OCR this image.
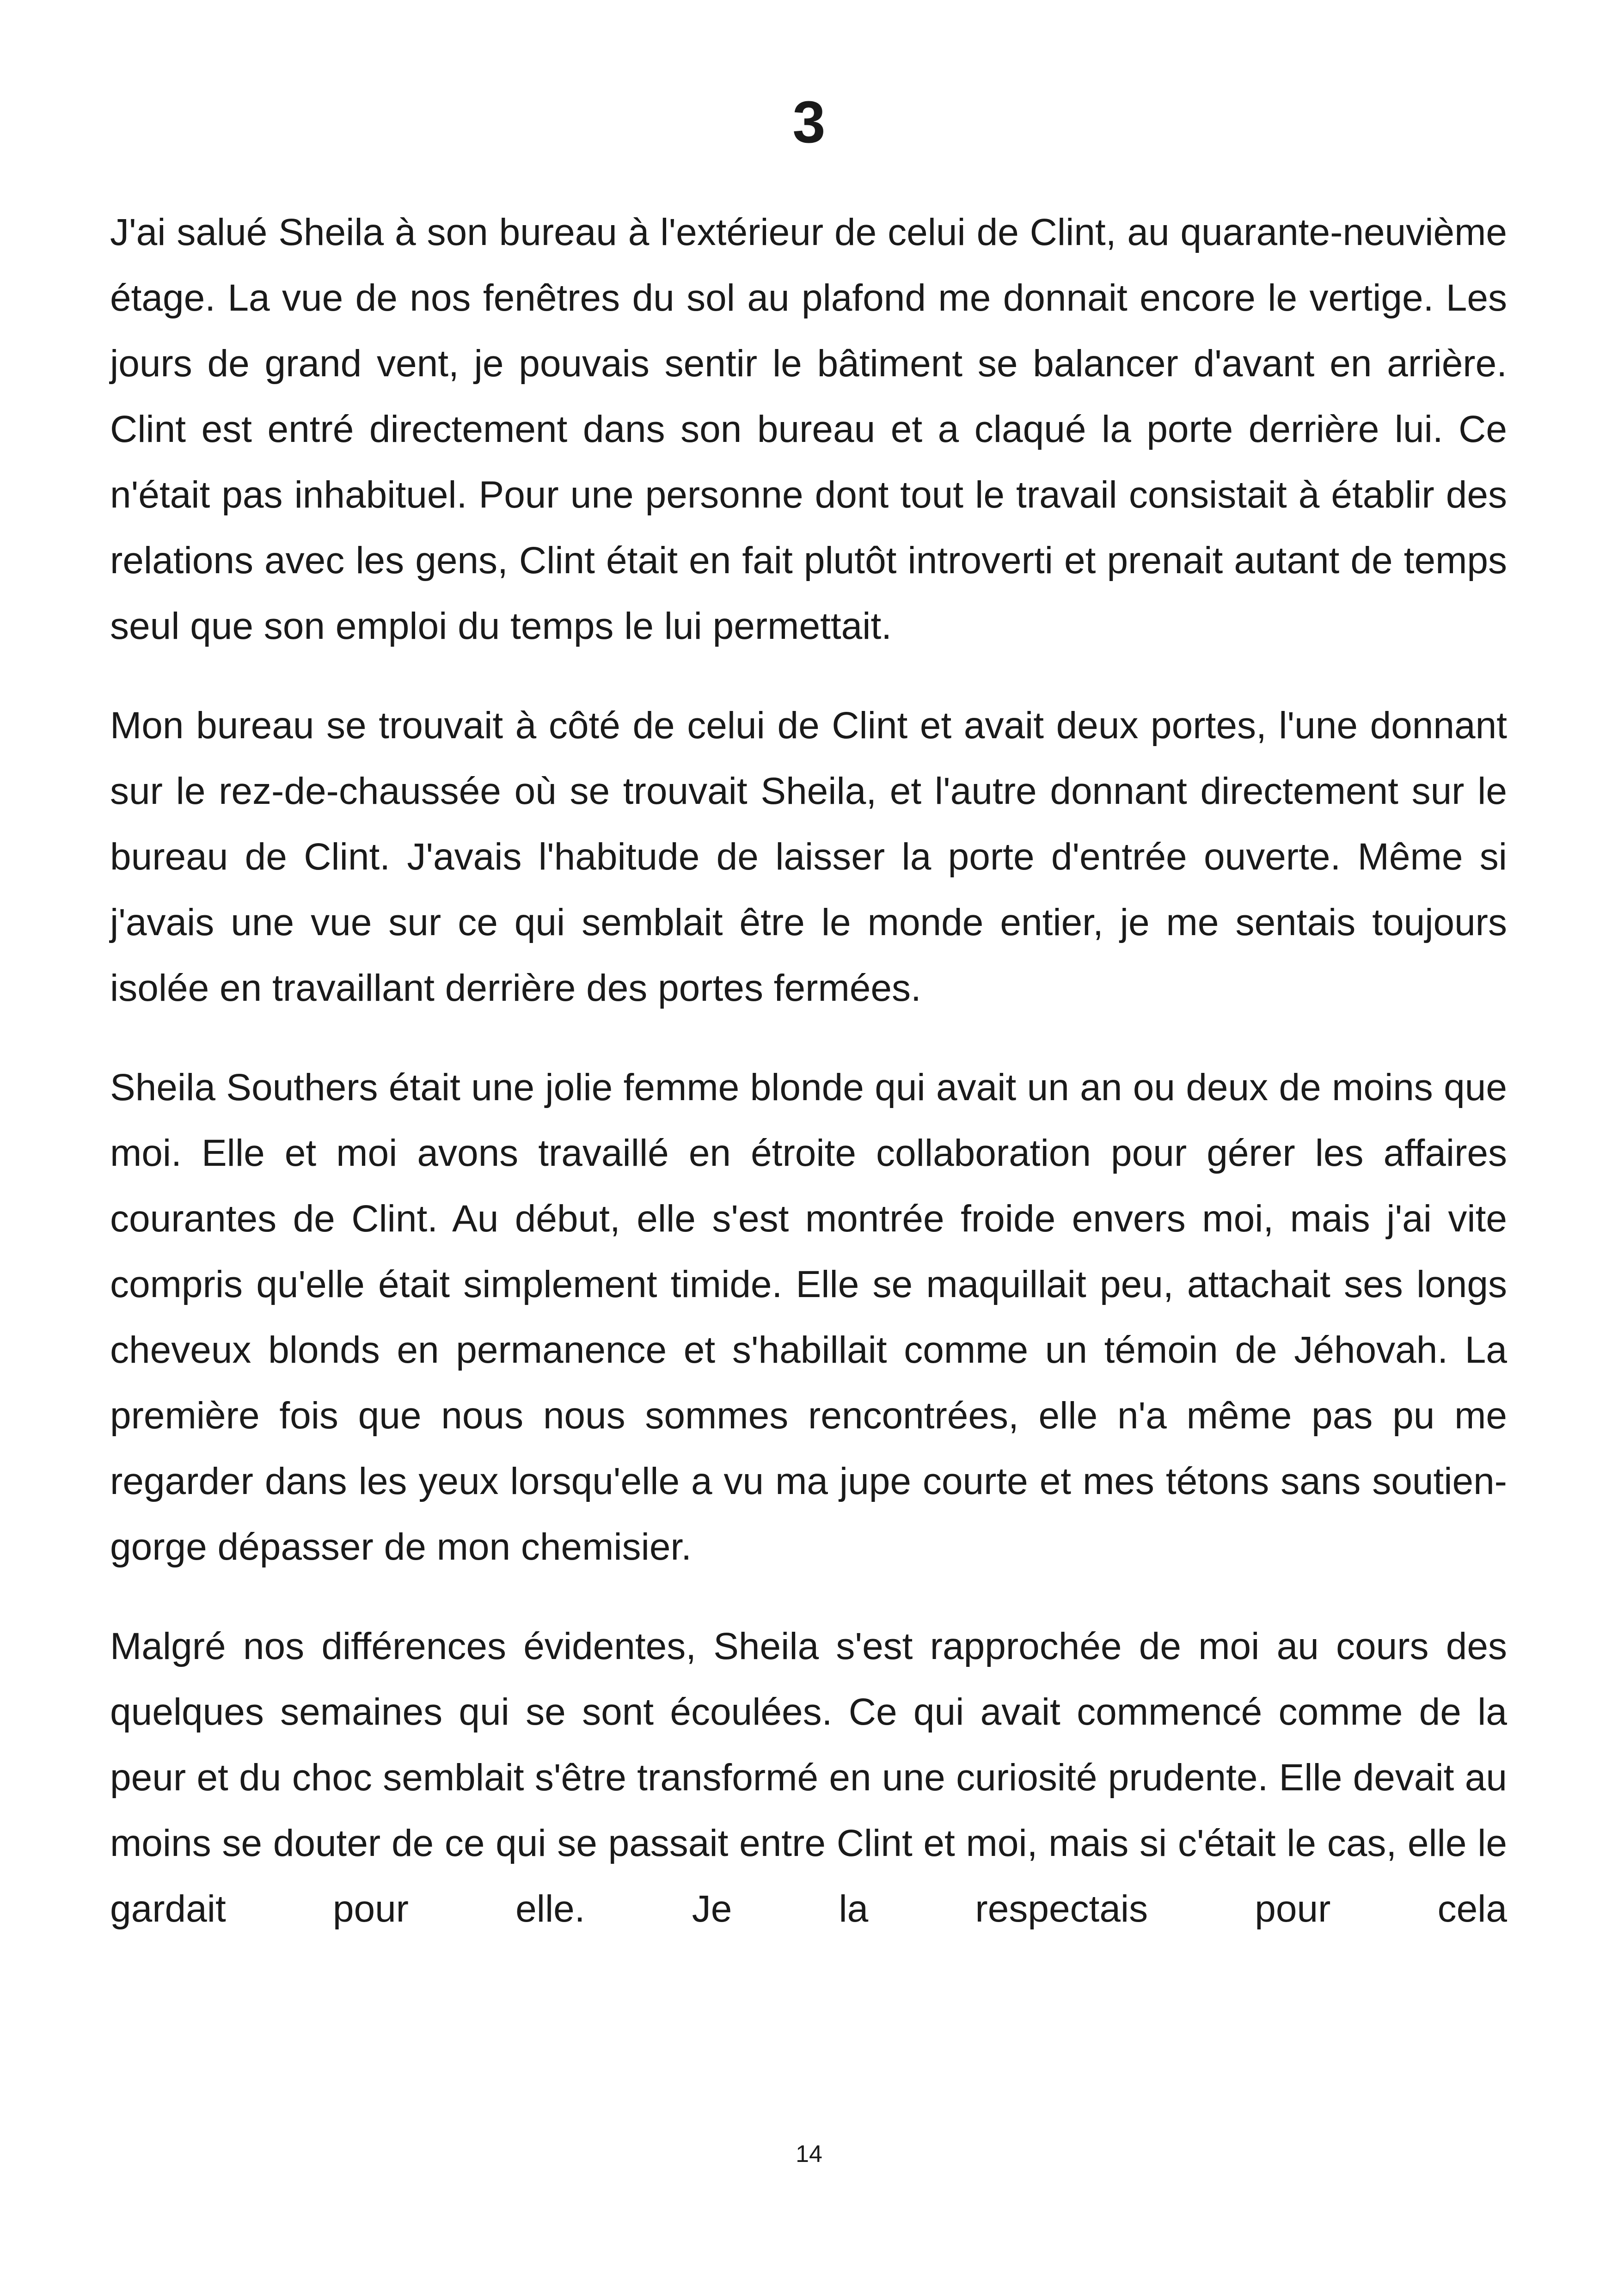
3

J'ai salué Sheila à son bureau à l'extérieur de celui de Clint, au quarante-neuvième étage. La vue de nos fenêtres du sol au plafond me donnait encore le vertige. Les jours de grand vent, je pouvais sentir le bâtiment se balancer d'avant en arrière. Clint est entré directement dans son bureau et a claqué la porte derrière lui. Ce n'était pas inhabituel. Pour une personne dont tout le travail consistait à établir des relations avec les gens, Clint était en fait plutôt introverti et prenait autant de temps seul que son emploi du temps le lui permettait.

Mon bureau se trouvait à côté de celui de Clint et avait deux portes, l'une donnant sur le rez-de-chaussée où se trouvait Sheila, et l'autre donnant directement sur le bureau de Clint. J'avais l'habitude de laisser la porte d'entrée ouverte. Même si j'avais une vue sur ce qui semblait être le monde entier, je me sentais toujours isolée en travaillant derrière des portes fermées.

Sheila Southers était une jolie femme blonde qui avait un an ou deux de moins que moi. Elle et moi avons travaillé en étroite collaboration pour gérer les affaires courantes de Clint. Au début, elle s'est montrée froide envers moi, mais j'ai vite compris qu'elle était simplement timide. Elle se maquillait peu, attachait ses longs cheveux blonds en permanence et s'habillait comme un témoin de Jéhovah. La première fois que nous nous sommes rencontrées, elle n'a même pas pu me regarder dans les yeux lorsqu'elle a vu ma jupe courte et mes tétons sans soutien-gorge dépasser de mon chemisier.

Malgré nos différences évidentes, Sheila s'est rapprochée de moi au cours des quelques semaines qui se sont écoulées. Ce qui avait commencé comme de la peur et du choc semblait s'être transformé en une curiosité prudente. Elle devait au moins se douter de ce qui se passait entre Clint et moi, mais si c'était le cas, elle le gardait pour elle. Je la respectais pour cela

14
